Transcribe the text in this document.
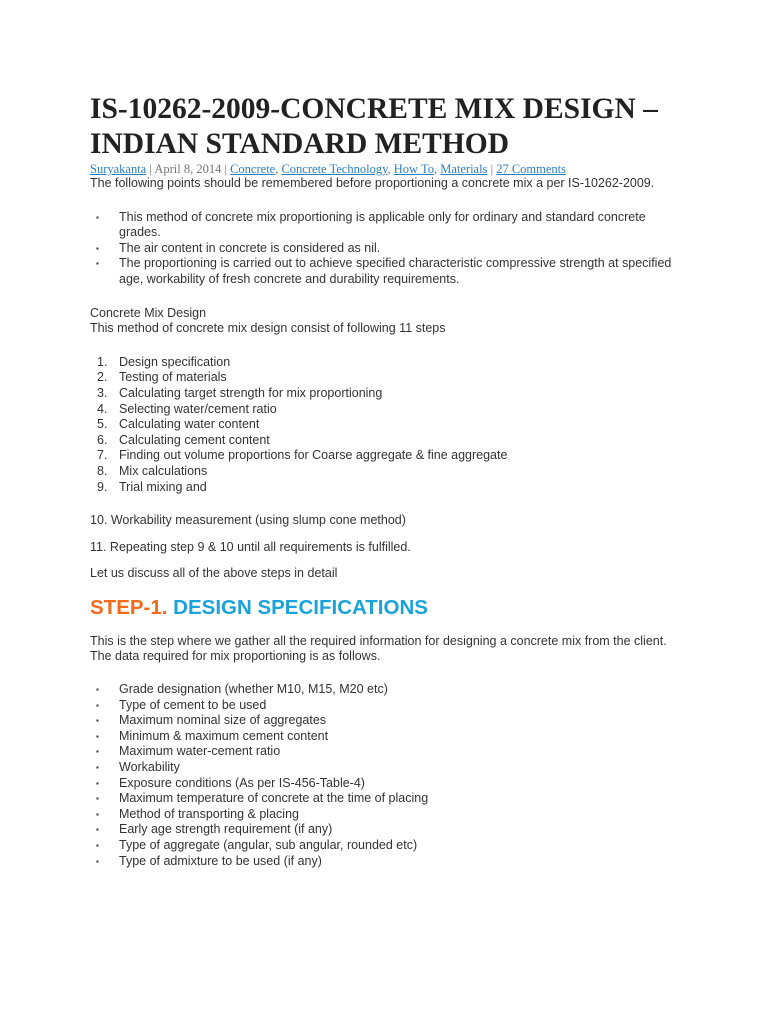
IS-10262-2009-CONCRETE MIX DESIGN – INDIAN STANDARD METHOD
Suryakanta | April 8, 2014 | Concrete, Concrete Technology, How To, Materials | 27 Comments

The following points should be remembered before proportioning a concrete mix a per IS-10262-2009.

▪ This method of concrete mix proportioning is applicable only for ordinary and standard concrete grades.
▪ The air content in concrete is considered as nil.
▪ The proportioning is carried out to achieve specified characteristic compressive strength at specified age, workability of fresh concrete and durability requirements.

Concrete Mix Design

This method of concrete mix design consist of following 11 steps

1. Design specification
2. Testing of materials
3. Calculating target strength for mix proportioning
4. Selecting water/cement ratio
5. Calculating water content
6. Calculating cement content
7. Finding out volume proportions for Coarse aggregate & fine aggregate
8. Mix calculations
9. Trial mixing and

10. Workability measurement (using slump cone method)

11. Repeating step 9 & 10 until all requirements is fulfilled.

Let us discuss all of the above steps in detail

STEP-1. DESIGN SPECIFICATIONS

This is the step where we gather all the required information for designing a concrete mix from the client. The data required for mix proportioning is as follows.

▪ Grade designation (whether M10, M15, M20 etc)
▪ Type of cement to be used
▪ Maximum nominal size of aggregates
▪ Minimum & maximum cement content
▪ Maximum water-cement ratio
▪ Workability
▪ Exposure conditions (As per IS-456-Table-4)
▪ Maximum temperature of concrete at the time of placing
▪ Method of transporting & placing
▪ Early age strength requirement (if any)
▪ Type of aggregate (angular, sub angular, rounded etc)
▪ Type of admixture to be used (if any)
